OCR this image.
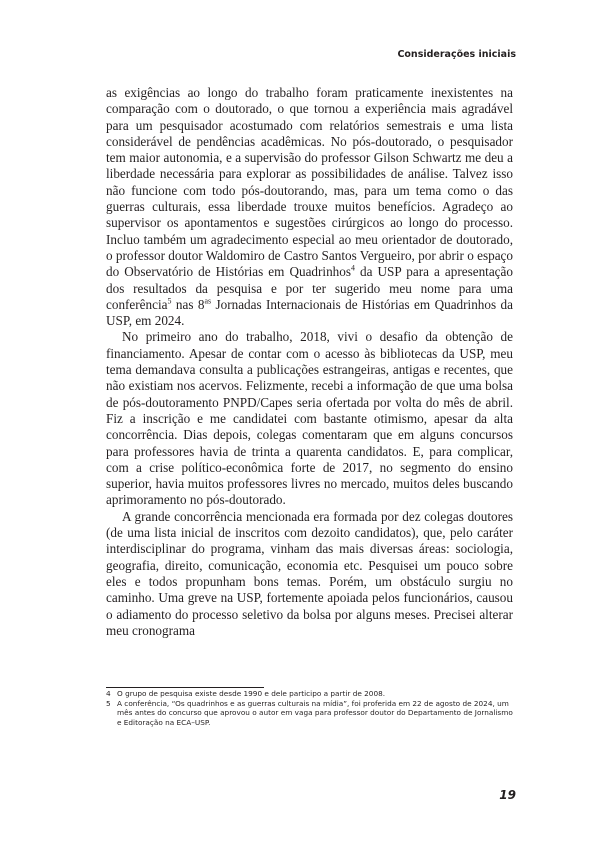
Considerações iniciais

as exigências ao longo do trabalho foram praticamente inexistentes na comparação com o doutorado, o que tornou a experiência mais agradável para um pesquisador acostumado com relatórios semestrais e uma lista considerável de pendências acadêmicas. No pós-doutorado, o pesquisador tem maior autonomia, e a supervisão do professor Gilson Schwartz me deu a liberdade necessária para explorar as possibilidades de análise. Talvez isso não funcione com todo pós-doutorando, mas, para um tema como o das guerras culturais, essa liberdade trouxe muitos benefícios. Agradeço ao supervisor os apontamentos e sugestões cirúrgicos ao longo do processo. Incluo também um agradecimento especial ao meu orientador de doutorado, o professor doutor Waldomiro de Castro Santos Vergueiro, por abrir o espaço do Observatório de Histórias em Quadrinhos$^4$ da USP para a apresentação dos resultados da pesquisa e por ter sugerido meu nome para uma conferência$^5$ nas $8^{as}$ Jornadas Internacionais de Histórias em Quadrinhos da USP, em 2024.

No primeiro ano do trabalho, 2018, vivi o desafio da obtenção de financiamento. Apesar de contar com o acesso às bibliotecas da USP, meu tema demandava consulta a publicações estrangeiras, antigas e recentes, que não existiam nos acervos. Felizmente, recebi a informação de que uma bolsa de pós-doutoramento PNPD/Capes seria ofertada por volta do mês de abril. Fiz a inscrição e me candidatei com bastante otimismo, apesar da alta concorrência. Dias depois, colegas comentaram que em alguns concursos para professores havia de trinta a quarenta candidatos. E, para complicar, com a crise político-econômica forte de 2017, no segmento do ensino superior, havia muitos professores livres no mercado, muitos deles buscando aprimoramento no pós-doutorado.

A grande concorrência mencionada era formada por dez colegas doutores (de uma lista inicial de inscritos com dezoito candidatos), que, pelo caráter interdisciplinar do programa, vinham das mais diversas áreas: sociologia, geografia, direito, comunicação, economia etc. Pesquisei um pouco sobre eles e todos propunham bons temas. Porém, um obstáculo surgiu no caminho. Uma greve na USP, fortemente apoiada pelos funcionários, causou o adiamento do processo seletivo da bolsa por alguns meses. Precisei alterar meu cronograma

4 O grupo de pesquisa existe desde 1990 e dele participo a partir de 2008.
5 A conferência, “Os quadrinhos e as guerras culturais na mídia”, foi proferida em 22 de agosto de 2024, um mês antes do concurso que aprovou o autor em vaga para professor doutor do Departamento de Jornalismo e Editoração na ECA–USP.
19
